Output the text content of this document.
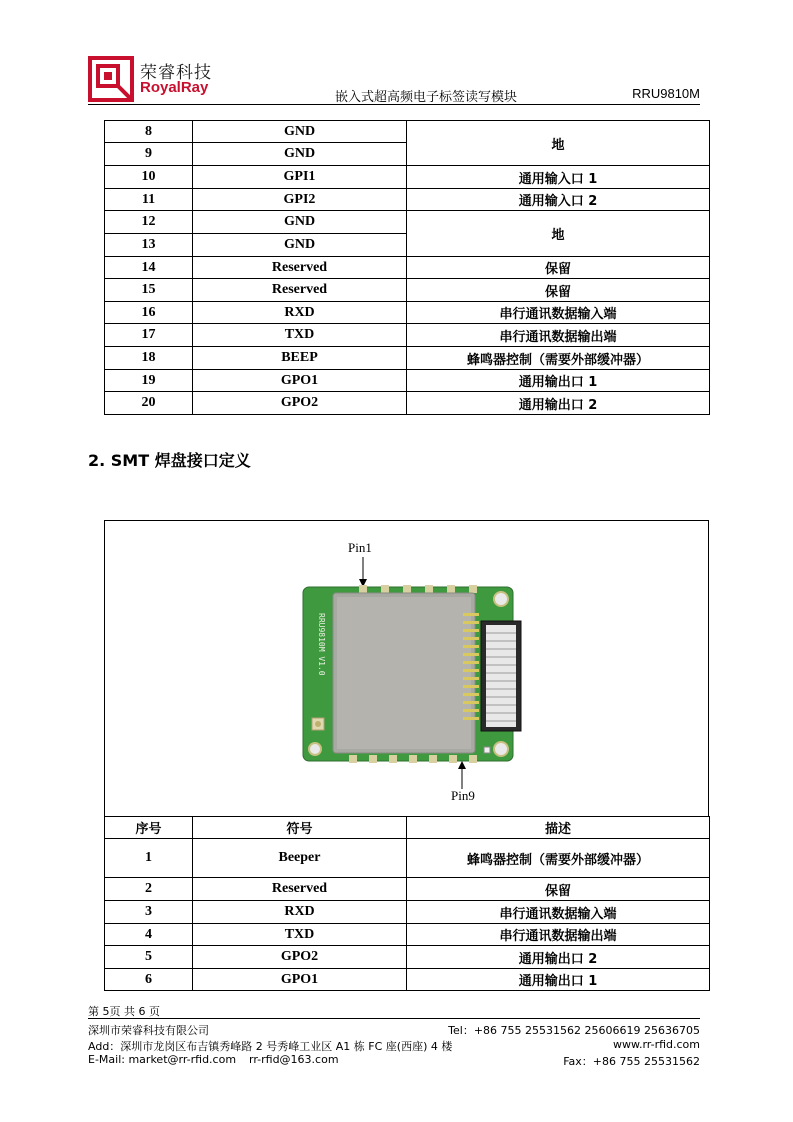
荣睿科技
RoyalRay
嵌入式超高频电子标签读写模块	RRU9810M
8	GND	地
9	GND	
10	GPI1	通用输入口 1
11	GPI2	通用输入口 2
12	GND	地
13	GND	
14	Reserved	保留
15	Reserved	保留
16	RXD	串行通讯数据输入端
17	TXD	串行通讯数据输出端
18	BEEP	蜂鸣器控制（需要外部缓冲器）
19	GPO1	通用输出口 1
20	GPO2	通用输出口 2
2. SMT 焊盘接口定义
Pin1
RRU9810M V1.0
Pin9
序号	符号	描述
1	Beeper	蜂鸣器控制（需要外部缓冲器）
2	Reserved	保留
3	RXD	串行通讯数据输入端
4	TXD	串行通讯数据输出端
5	GPO2	通用输出口 2
6	GPO1	通用输出口 1
第 5页 共 6 页
深圳市荣睿科技有限公司	Tel：+86 755 25531562 25606619 25636705
Add：深圳市龙岗区布吉镇秀峰路 2 号秀峰工业区 A1 栋 FC 座(西座) 4 楼	www.rr-rfid.com
E-Mail: market@rr-rfid.com rr-rfid@163.com	Fax：+86 755 25531562
